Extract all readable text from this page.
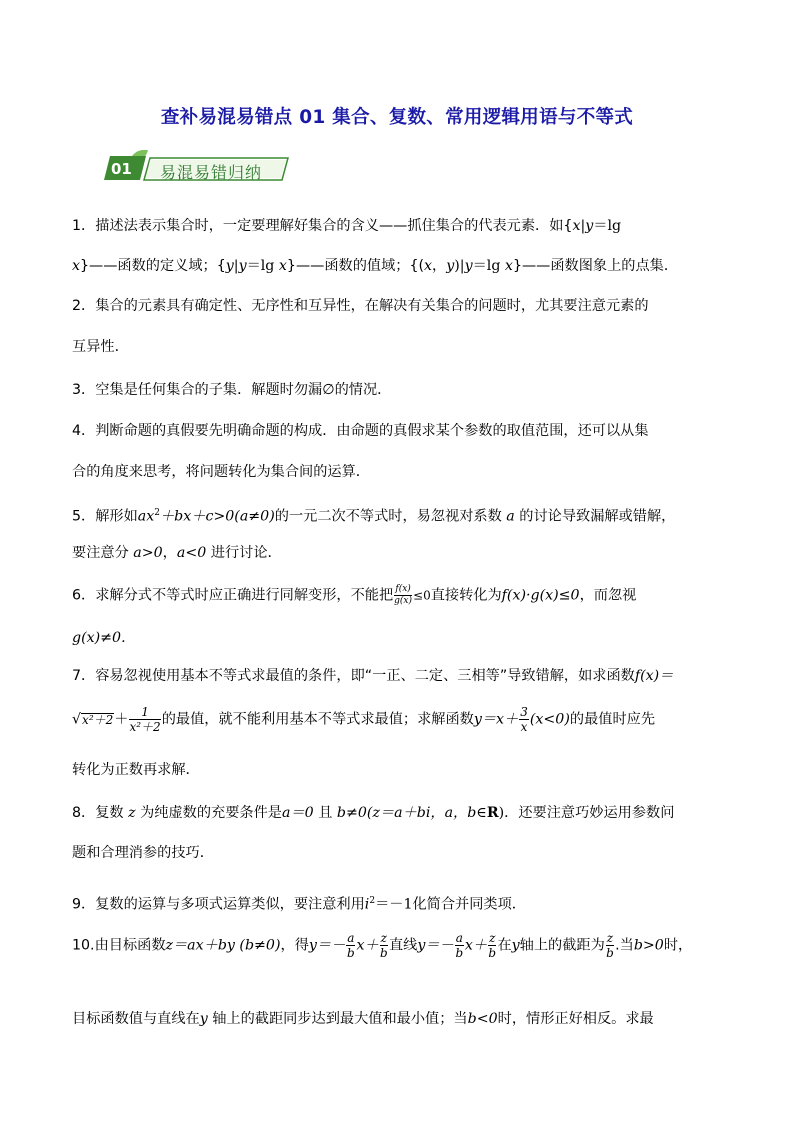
查补易混易错点 01 集合、复数、常用逻辑用语与不等式
01 易混易错归纳
1．描述法表示集合时，一定要理解好集合的含义——抓住集合的代表元素．如{x|y＝lg
x}——函数的定义域；{y|y＝lg x}——函数的值域；{(x，y)|y＝lg x}——函数图象上的点集．
2．集合的元素具有确定性、无序性和互异性，在解决有关集合的问题时，尤其要注意元素的
互异性．
3．空集是任何集合的子集．解题时勿漏∅的情况．
4．判断命题的真假要先明确命题的构成．由命题的真假求某个参数的取值范围，还可以从集
合的角度来思考，将问题转化为集合间的运算．
5．解形如$ax^2+bx+c>0(a\ne 0)$的一元二次不等式时，易忽视对系数 a 的讨论导致漏解或错解，
要注意分 a>0，a<0 进行讨论．
6．求解分式不等式时应正确进行同解变形，不能把 $\frac{f(x)}{g(x)} \le 0$直接转化为f(x)·g(x)≤0，而忽视
g(x)≠0.
7．容易忽视使用基本不等式求最值的条件，即“一正、二定、三相等”导致错解，如求函数f(x)＝
$√x^2+2+ \frac{1}{\text{x²＋2}}$ 的最值，就不能利用基本不等式求最值；求解函数$y=x+ \frac{3}{x} (x<0)$的最值时应先
转化为正数再求解．
8．复数 z 为纯虚数的充要条件是a＝0 且 b≠0(z＝a＋bi，a，b∈R)．还要注意巧妙运用参数问
题和合理消参的技巧．
9．复数的运算与多项式运算类似，要注意利用$i^2=-1$化简合并同类项．
10.由目标函数z＝ax＋by (b≠0)，得$y=- \frac{a}{b} x+ \frac{z}{b}$ 直线$y=- \frac{a}{b} x+ \frac{z}{b}$ 在y轴上的截距为 $\frac{z}{b}$ .当b>0时，
目标函数值与直线在y 轴上的截距同步达到最大值和最小值；当b<0时，情形正好相反。求最
